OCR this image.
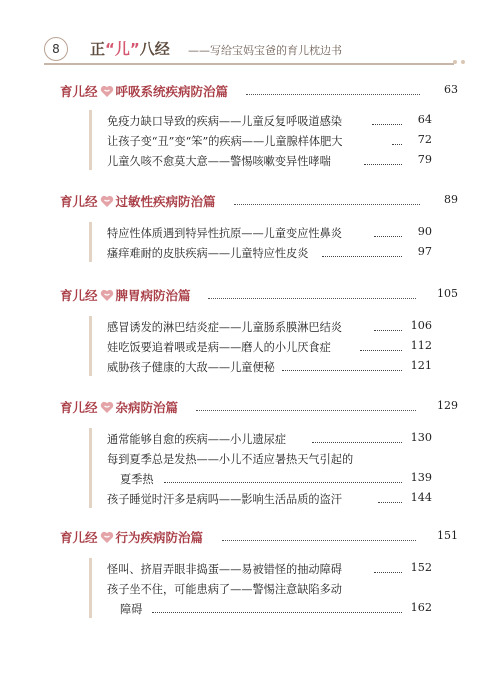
8	正“儿”八经 ——写给宝妈宝爸的育儿枕边书
育儿经 呼吸系统疾病防治篇	63
免疫力缺口导致的疾病——儿童反复呼吸道感染	64
让孩子变“丑”变“笨”的疾病——儿童腺样体肥大	72
儿童久咳不愈莫大意——警惕咳嗽变异性哮喘	79
育儿经 过敏性疾病防治篇	89
特应性体质遇到特异性抗原——儿童变应性鼻炎	90
瘙痒难耐的皮肤疾病——儿童特应性皮炎	97
育儿经 脾胃病防治篇	105
感冒诱发的淋巴结炎症——儿童肠系膜淋巴结炎	106
娃吃饭要追着喂或是病——磨人的小儿厌食症	112
威胁孩子健康的大敌——儿童便秘	121
育儿经 杂病防治篇	129
通常能够自愈的疾病——小儿遗尿症	130
每到夏季总是发热——小儿不适应暑热天气引起的
夏季热	139
孩子睡觉时汗多是病吗——影响生活品质的盗汗	144
育儿经 行为疾病防治篇	151
怪叫、挤眉弄眼非捣蛋——易被错怪的抽动障碍	152
孩子坐不住，可能患病了——警惕注意缺陷多动
障碍	162
